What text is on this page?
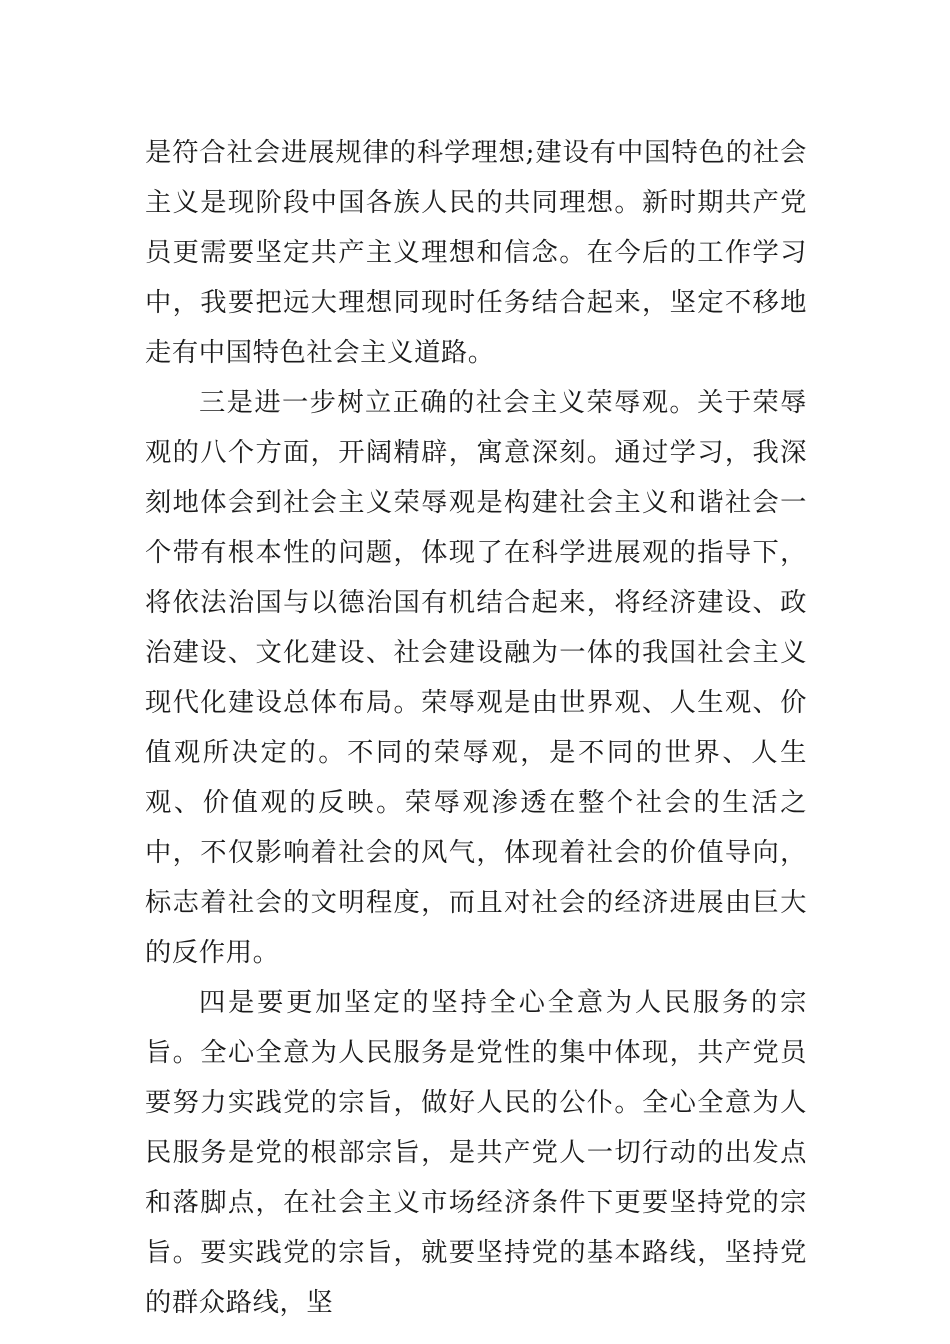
是符合社会进展规律的科学理想;建设有中国特色的社会主义是现阶段中国各族人民的共同理想。新时期共产党员更需要坚定共产主义理想和信念。在今后的工作学习中，我要把远大理想同现时任务结合起来，坚定不移地走有中国特色社会主义道路。

三是进一步树立正确的社会主义荣辱观。关于荣辱观的八个方面，开阔精辟，寓意深刻。通过学习，我深刻地体会到社会主义荣辱观是构建社会主义和谐社会一个带有根本性的问题，体现了在科学进展观的指导下，将依法治国与以德治国有机结合起来，将经济建设、政治建设、文化建设、社会建设融为一体的我国社会主义现代化建设总体布局。荣辱观是由世界观、人生观、价值观所决定的。不同的荣辱观，是不同的世界、人生观、价值观的反映。荣辱观渗透在整个社会的生活之中，不仅影响着社会的风气，体现着社会的价值导向，标志着社会的文明程度，而且对社会的经济进展由巨大的反作用。

四是要更加坚定的坚持全心全意为人民服务的宗旨。全心全意为人民服务是党性的集中体现，共产党员要努力实践党的宗旨，做好人民的公仆。全心全意为人民服务是党的根部宗旨，是共产党人一切行动的出发点和落脚点，在社会主义市场经济条件下更要坚持党的宗旨。要实践党的宗旨，就要坚持党的基本路线，坚持党的群众路线，坚
